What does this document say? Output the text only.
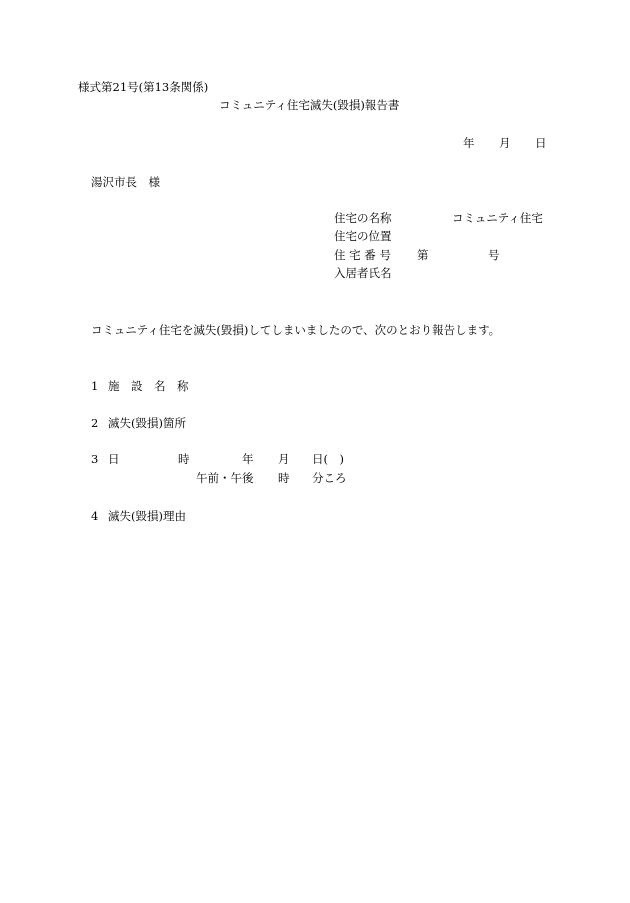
様式第21号(第13条関係)
コミュニティ住宅滅失(毀損)報告書
年 月 日
湯沢市長　様
住宅の名称	コミュニティ住宅
住宅の位置
住 宅 番 号 第	号
入居者氏名
コミュニティ住宅を滅失(毀損)してしまいましたので、次のとおり報告します。
1 施　設　名　称
2 滅失(毀損)箇所
3 日	時	年 月 日(　)
午前・午後 時 分ころ
4 滅失(毀損)理由
